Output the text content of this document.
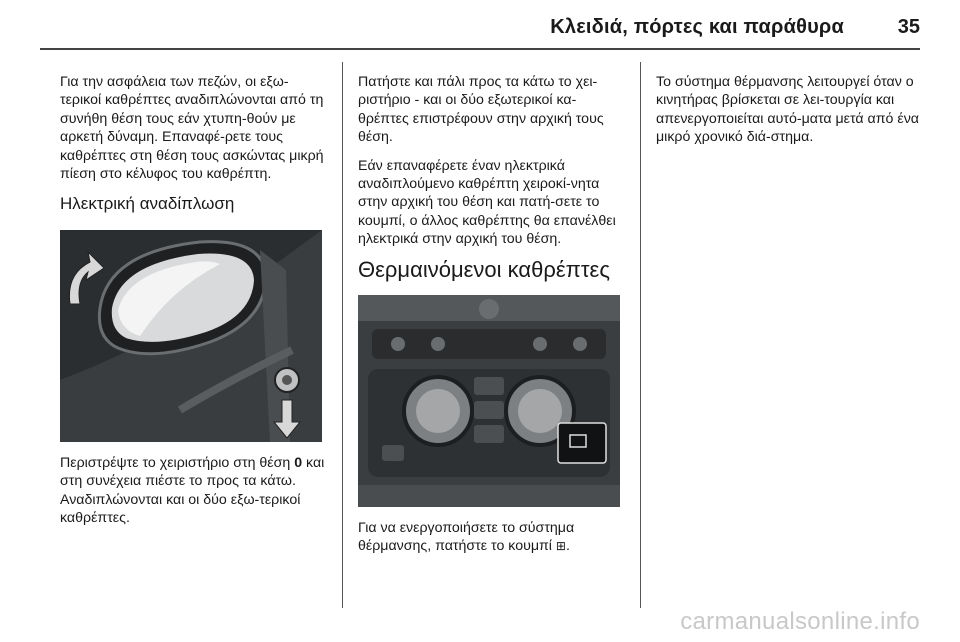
Κλειδιά, πόρτες και παράθυρα	35

Για την ασφάλεια των πεζών, οι εξω-τερικοί καθρέπτες αναδιπλώνονται από τη συνήθη θέση τους εάν χτυπη-θούν με αρκετή δύναμη. Επαναφέ-ρετε τους καθρέπτες στη θέση τους ασκώντας μικρή πίεση στο κέλυφος του καθρέπτη.

Ηλεκτρική αναδίπλωση

Περιστρέψτε το χειριστήριο στη θέση 0 και στη συνέχεια πιέστε το προς τα κάτω. Αναδιπλώνονται και οι δύο εξω-τερικοί καθρέπτες.

Πατήστε και πάλι προς τα κάτω το χει-ριστήριο - και οι δύο εξωτερικοί κα-θρέπτες επιστρέφουν στην αρχική τους θέση.

Εάν επαναφέρετε έναν ηλεκτρικά αναδιπλούμενο καθρέπτη χειροκί-νητα στην αρχική του θέση και πατή-σετε το κουμπί, ο άλλος καθρέπτης θα επανέλθει ηλεκτρικά στην αρχική του θέση.

Θερμαινόμενοι καθρέπτες

Για να ενεργοποιήσετε το σύστημα θέρμανσης, πατήστε το κουμπί ⊞.

Το σύστημα θέρμανσης λειτουργεί όταν ο κινητήρας βρίσκεται σε λει-τουργία και απενεργοποιείται αυτό-ματα μετά από ένα μικρό χρονικό διά-στημα.

carmanualsonline.info
